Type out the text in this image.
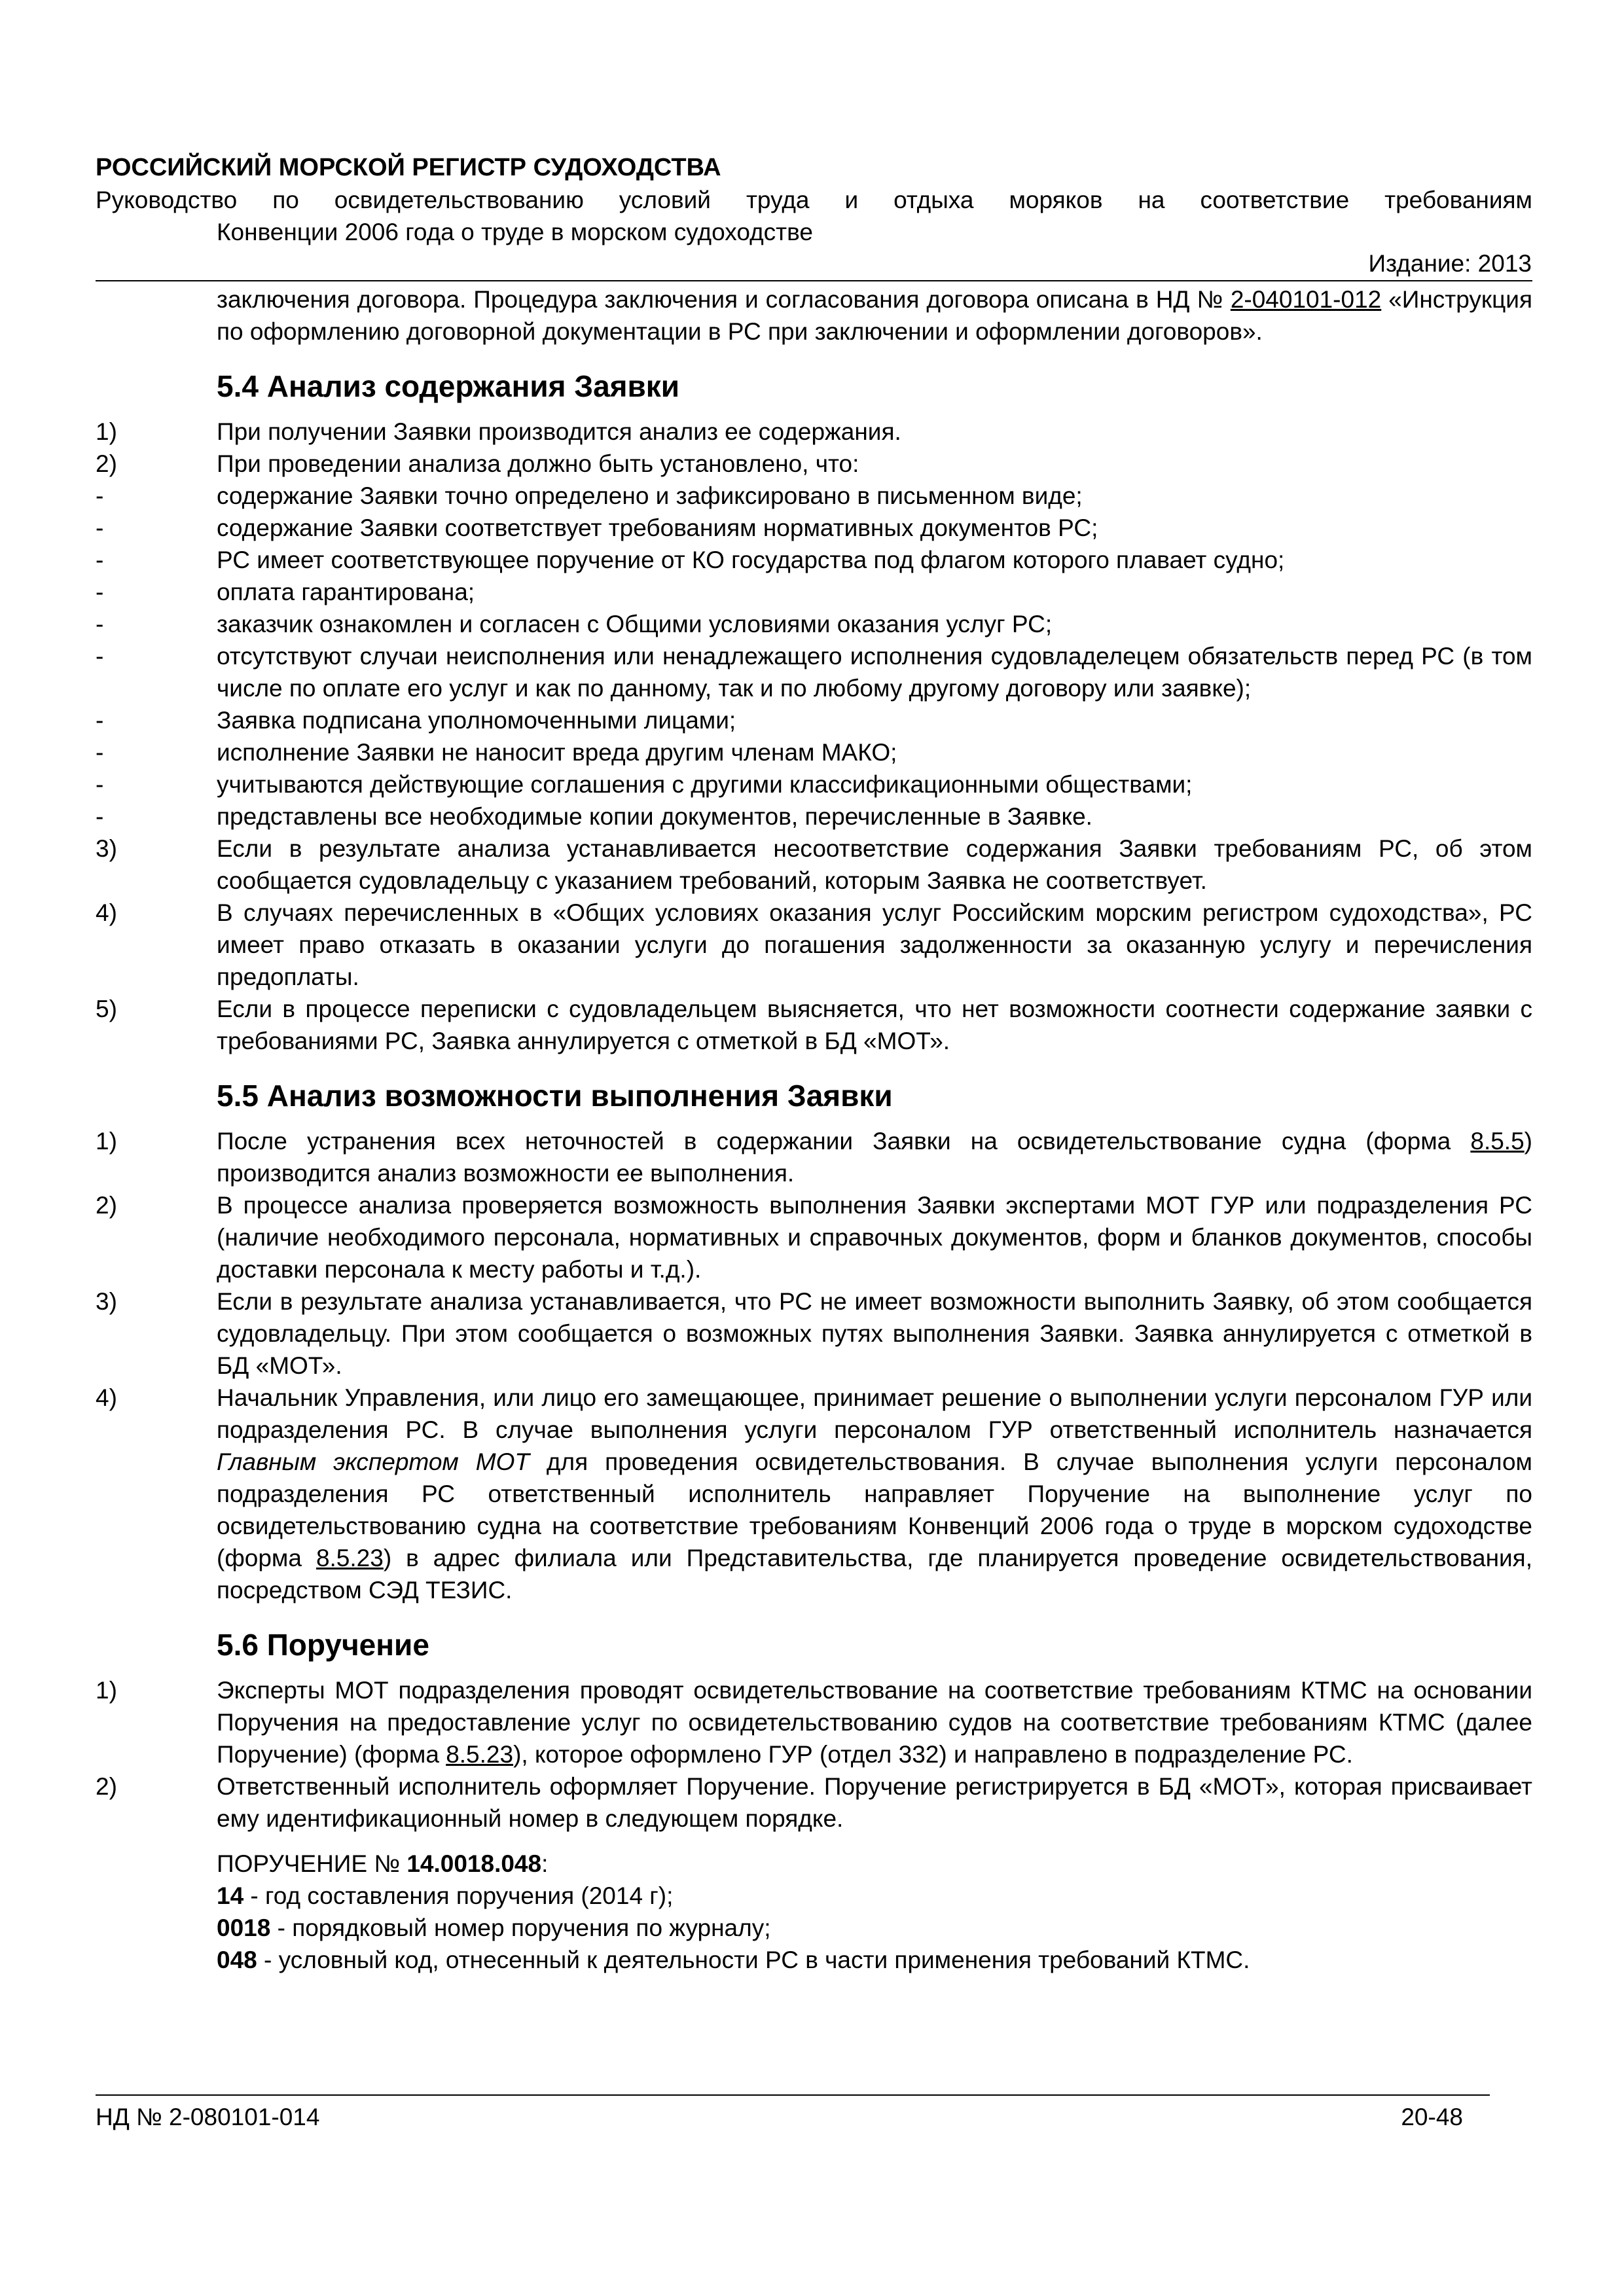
РОССИЙСКИЙ МОРСКОЙ РЕГИСТР СУДОХОДСТВА
Руководство по освидетельствованию условий труда и отдыха моряков на соответствие требованиям
Конвенции 2006 года о труде в морском судоходстве
Издание: 2013
заключения договора. Процедура заключения и согласования договора описана в НД № 2-040101-012 «Инструкция по оформлению договорной документации в РС при заключении и оформлении договоров».
5.4 Анализ содержания Заявки
1)	При получении Заявки производится анализ ее содержания.
2)	При проведении анализа должно быть установлено, что:
-	содержание Заявки точно определено и зафиксировано в письменном виде;
-	содержание Заявки соответствует требованиям нормативных документов РС;
-	РС имеет соответствующее поручение от КО государства под флагом которого плавает судно;
-	оплата гарантирована;
-	заказчик ознакомлен и согласен с Общими условиями оказания услуг РС;
-	отсутствуют случаи неисполнения или ненадлежащего исполнения судовладелецем обязательств перед РС (в том числе по оплате его услуг и как по данному, так и по любому другому договору или заявке);
-	Заявка подписана уполномоченными лицами;
-	исполнение Заявки не наносит вреда другим членам МАКО;
-	учитываются действующие соглашения с другими классификационными обществами;
-	представлены все необходимые копии документов, перечисленные в Заявке.
3)	Если в результате анализа устанавливается несоответствие содержания Заявки требованиям РС, об этом сообщается судовладельцу с указанием требований, которым Заявка не соответствует.
4)	В случаях перечисленных в «Общих условиях оказания услуг Российским морским регистром судоходства», РС имеет право отказать в оказании услуги до погашения задолженности за оказанную услугу и перечисления предоплаты.
5)	Если в процессе переписки с судовладельцем выясняется, что нет возможности соотнести содержание заявки с требованиями РС, Заявка аннулируется с отметкой в БД «МОТ».
5.5 Анализ возможности выполнения Заявки
1)	После устранения всех неточностей в содержании Заявки на освидетельствование судна (форма 8.5.5) производится анализ возможности ее выполнения.
2)	В процессе анализа проверяется возможность выполнения Заявки экспертами МОТ ГУР или подразделения РС (наличие необходимого персонала, нормативных и справочных документов, форм и бланков документов, способы доставки персонала к месту работы и т.д.).
3)	Если в результате анализа устанавливается, что РС не имеет возможности выполнить Заявку, об этом сообщается судовладельцу. При этом сообщается о возможных путях выполнения Заявки. Заявка аннулируется с отметкой в БД «МОТ».
4)	Начальник Управления, или лицо его замещающее, принимает решение о выполнении услуги персоналом ГУР или подразделения РС. В случае выполнения услуги персоналом ГУР ответственный исполнитель назначается Главным экспертом МОТ для проведения освидетельствования. В случае выполнения услуги персоналом подразделения РС ответственный исполнитель направляет Поручение на выполнение услуг по освидетельствованию судна на соответствие требованиям Конвенций 2006 года о труде в морском судоходстве (форма 8.5.23) в адрес филиала или Представительства, где планируется проведение освидетельствования, посредством СЭД ТЕЗИС.
5.6 Поручение
1)	Эксперты МОТ подразделения проводят освидетельствование на соответствие требованиям КТМС на основании Поручения на предоставление услуг по освидетельствованию судов на соответствие требованиям КТМС (далее Поручение) (форма 8.5.23), которое оформлено ГУР (отдел 332) и направлено в подразделение РС.
2)	Ответственный исполнитель оформляет Поручение. Поручение регистрируется в БД «МОТ», которая присваивает ему идентификационный номер в следующем порядке.
ПОРУЧЕНИЕ № 14.0018.048:
14 - год составления поручения (2014 г);
0018 - порядковый номер поручения по журналу;
048 - условный код, отнесенный к деятельности РС в части применения требований КТМС.
НД № 2-080101-014	20-48
